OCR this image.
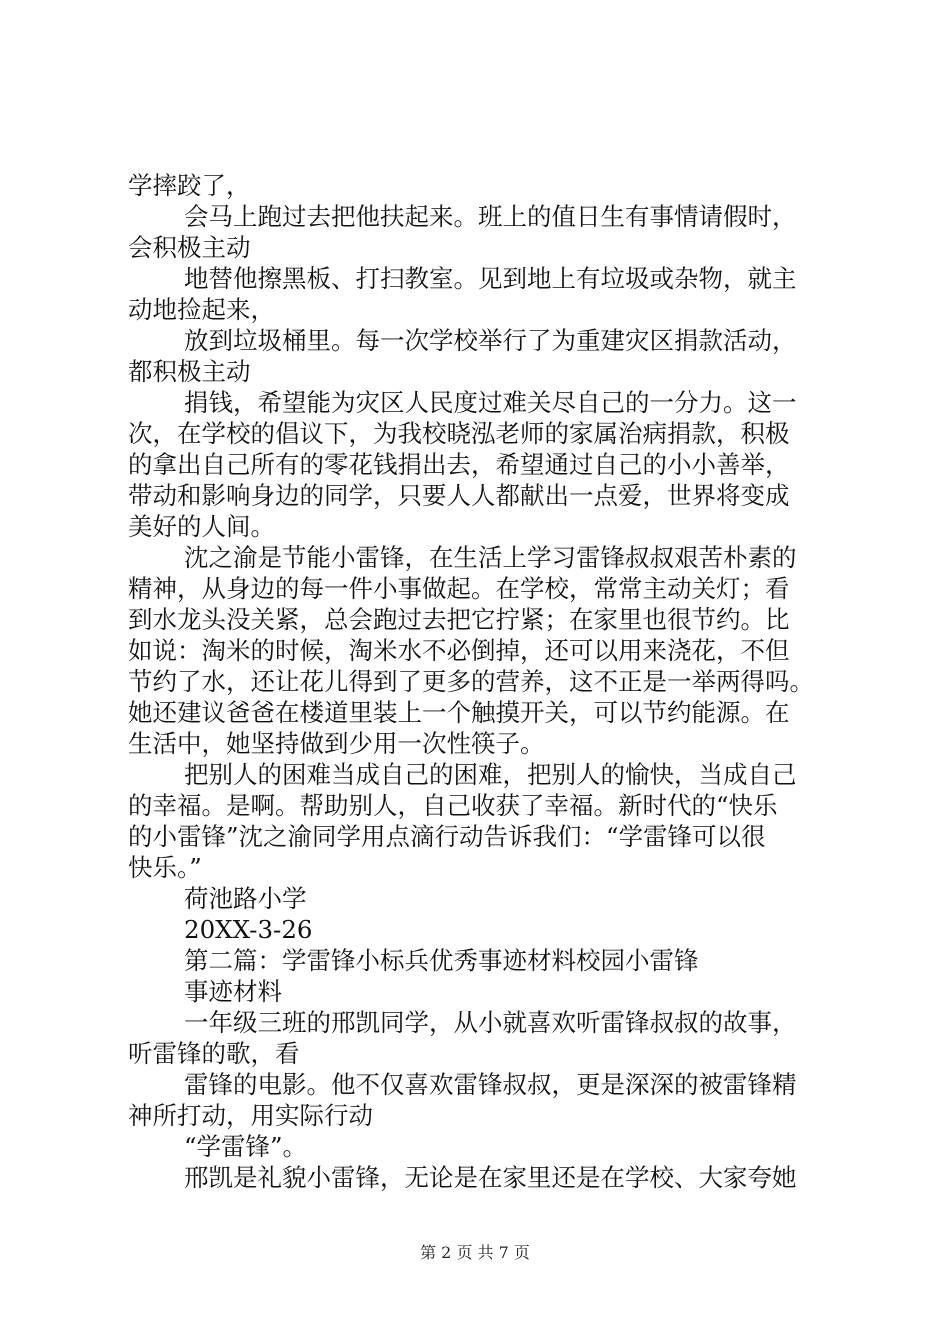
学摔跤了，
会马上跑过去把他扶起来。班上的值日生有事情请假时，
会积极主动
地替他擦黑板、打扫教室。见到地上有垃圾或杂物，就主
动地捡起来，
放到垃圾桶里。每一次学校举行了为重建灾区捐款活动，
都积极主动
捐钱，希望能为灾区人民度过难关尽自己的一分力。这一
次，在学校的倡议下，为我校晓泓老师的家属治病捐款，积极
的拿出自己所有的零花钱捐出去，希望通过自己的小小善举，
带动和影响身边的同学，只要人人都献出一点爱，世界将变成
美好的人间。
沈之渝是节能小雷锋，在生活上学习雷锋叔叔艰苦朴素的
精神，从身边的每一件小事做起。在学校，常常主动关灯；看
到水龙头没关紧，总会跑过去把它拧紧；在家里也很节约。比
如说：淘米的时候，淘米水不必倒掉，还可以用来浇花，不但
节约了水，还让花儿得到了更多的营养，这不正是一举两得吗。
她还建议爸爸在楼道里装上一个触摸开关，可以节约能源。在
生活中，她坚持做到少用一次性筷子。
把别人的困难当成自己的困难，把别人的愉快，当成自己
的幸福。是啊。帮助别人，自己收获了幸福。新时代的“快乐
的小雷锋”沈之渝同学用点滴行动告诉我们：“学雷锋可以很
快乐。”
荷池路小学
20XX-3-26
第二篇：学雷锋小标兵优秀事迹材料校园小雷锋
事迹材料
一年级三班的邢凯同学，从小就喜欢听雷锋叔叔的故事，
听雷锋的歌，看
雷锋的电影。他不仅喜欢雷锋叔叔，更是深深的被雷锋精
神所打动，用实际行动
“学雷锋”。
邢凯是礼貌小雷锋，无论是在家里还是在学校、大家夸她
第 2 页 共 7 页
